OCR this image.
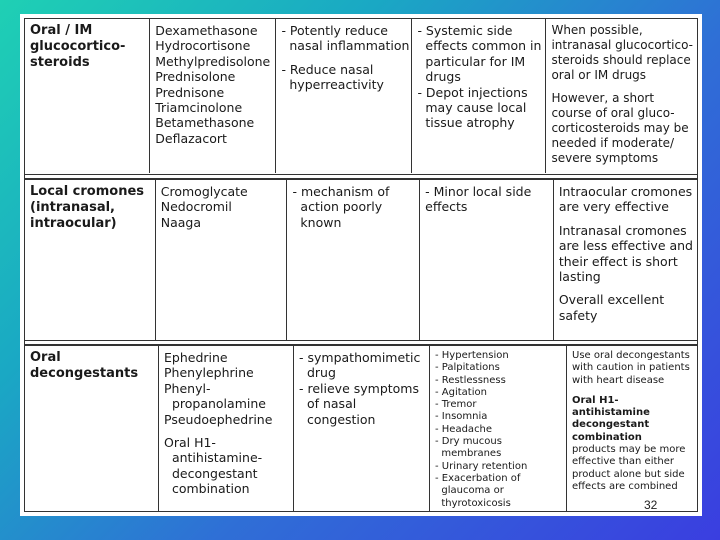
Oral / IM
glucocortico-
steroids
Dexamethasone
Hydrocortisone
Methylpredisolone
Prednisolone
Prednisone
Triamcinolone
Betamethasone
Deflazacort
- Potently reduce
nasal inflammation
- Reduce nasal
hyperreactivity
- Systemic side
effects common in
particular for IM
drugs
- Depot injections
may cause local
tissue atrophy
When possible,
intranasal glucocortico-
steroids should replace
oral or IM drugs
However, a short
course of oral gluco-
corticosteroids may be
needed if moderate/
severe symptoms
Local cromones
(intranasal,
intraocular)
Cromoglycate
Nedocromil
Naaga
- mechanism of
action poorly
known
- Minor local side
effects
Intraocular cromones
are very effective
Intranasal cromones
are less effective and
their effect is short
lasting
Overall excellent
safety
Oral
decongestants
Ephedrine
Phenylephrine
Phenyl-
propanolamine
Pseudoephedrine
Oral H1-
antihistamine-
decongestant
combination
- sympathomimetic
drug
- relieve symptoms
of nasal
congestion
- Hypertension
- Palpitations
- Restlessness
- Agitation
- Tremor
- Insomnia
- Headache
- Dry mucous
membranes
- Urinary retention
- Exacerbation of
glaucoma or
thyrotoxicosis
Use oral decongestants
with caution in patients
with heart disease
Oral H1-
antihistamine
decongestant
combination
products may be more
effective than either
product alone but side
effects are combined
32
